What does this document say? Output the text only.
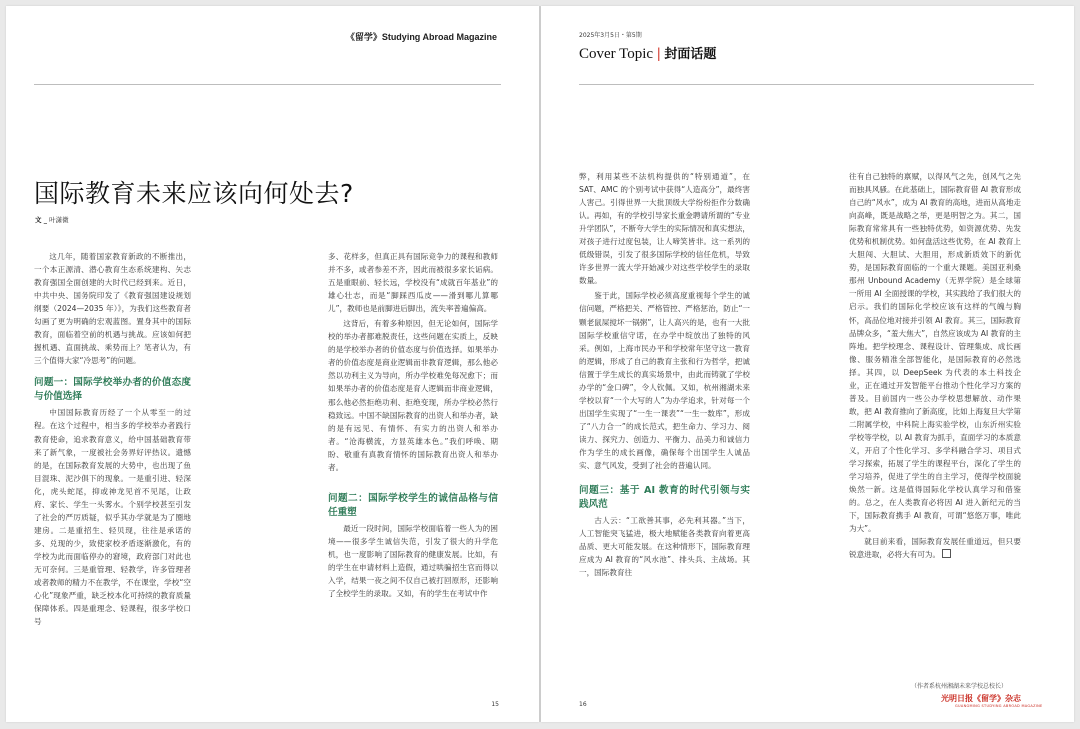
《留学》Studying Abroad Magazine
国际教育未来应该向何处去?
文 _ 叶潇微

这几年，随着国家教育新政的不断推出，一个本正源清、潜心教育生态系统建构、矢志教育强国全面创建的大时代已经到来。近日，中共中央、国务院印发了《教育强国建设规划纲要（2024—2035 年）》，为我们这些教育者勾画了更为明确的宏观蓝图。置身其中的国际教育，面临着空前的机遇与挑战。应该如何把握机遇、直面挑战、乘势而上？笔者认为，有三个值得大家“冷思考”的问题。

问题一：国际学校举办者的价值态度与价值选择

中国国际教育历经了一个从零至一的过程。在这个过程中，相当多的学校举办者践行教育使命，追求教育意义，给中国基础教育带来了新气象，一度被社会务界好评热议。遗憾的是，在国际教育发展的大势中，也出现了鱼目混珠、泥沙俱下的现象。一是重引进、轻深化，虎头蛇尾，抑或神龙见首不见尾，让政府、家长、学生一头雾水。个别学校甚至引发了社会的严厉质疑，似乎其办学就是为了圈地建房。二是重招生、轻贝现，往往是承诺的多、兑现的少，致使家校矛盾逐渐激化，有的学校为此而面临停办的窘境，政府部门对此也无可奈何。三是重管理、轻教学，许多管理者或者教师的精力不在教学，不在课堂，学校“空心化”现象严重，缺乏校本化可持续的教育质量保障体系。四是重理念、轻课程，很多学校口号

多、花样多，但真正具有国际竞争力的课程和教师并不多，或者参差不齐，因此而被很多家长诟病。五是重眼前、轻长远，学校没有“成就百年基业”的雄心壮志，而是“脚踩西瓜皮——滑到哪儿算哪儿”，教师也是前脚进后脚出，流失率普遍偏高。

这背后，有着多种原因，但无论如何，国际学校的举办者都难脱责任，这些问题在实质上，反映的是学校举办者的价值态度与价值选择。如果举办者的价值态度是商业逻辑而非教育逻辑，那么他必然以功利主义为导向，所办学校难免每况愈下；而如果举办者的价值态度是育人逻辑而非商业逻辑，那么他必然拒绝功利、拒绝变现，所办学校必然行稳致远。中国不缺国际教育的出资人和举办者，缺的是有远见、有情怀、有实力的出资人和举办者。“沧海横流，方显英雄本色。”我们呼唤、期盼、敬重有真教育情怀的国际教育出资人和举办者。

问题二：国际学校学生的诚信品格与信任重塑

最近一段时间，国际学校面临着一些人为的困境——很多学生诚信失范，引发了很大的升学危机，也一度影响了国际教育的健康发展。比如，有的学生在申请材料上造假，通过哄骗招生官而得以入学，结果一夜之间不仅自己被打回原形，还影响了全校学生的录取。又如，有的学生在考试中作

15
2025年3月5日・第5期
Cover Topic | 封面话题

弊，利用某些不法机构提供的“特别通道”，在 SAT、AMC 的个别考试中获得“人造高分”，最终害人害己。引得世界一大批顶级大学纷纷拒作分数确认。再如，有的学校引导家长重金聘请所谓的“专业升学团队”，不断夸大学生的实际情况和真实想法，对孩子进行过度包装，让人啼笑皆非。这一系列的低级错误，引发了很多国际学校的信任危机，导致许多世界一流大学开始减少对这些学校学生的录取数量。

鉴于此，国际学校必须高度重视每个学生的诚信问题，严格把关、严格管控、严格惩治，防止“一颗老鼠屎搅坏一锅粥”，让人高兴的是，也有一大批国际学校重信守诺，在办学中绽放出了独特的风采。例如，上海市民办平和学校常年坚守这一教育的逻辑，形成了自己的教育主张和行为哲学，把诚信置于学生成长的真实场景中，由此而铸就了学校办学的“金口碑”，令人钦佩。又如，杭州湘湖未来学校以育“一个大写的人”为办学追求，针对每一个出国学生实现了“一生一课表”“一生一数库”，形成了“八力合一”的成长范式，把生命力、学习力、阅读力、探究力、创造力、平衡力、品美力和诚信力作为学生的成长画像，确保每个出国学生人诚品实、意气风发，受到了社会的普遍认同。

问题三：基于 AI 教育的时代引领与实践风范

古人云：“工欲善其事，必先利其器。”当下，人工智能突飞猛进，极大地赋能各类教育向着更高品质、更大可能发展。在这种情形下，国际教育理应成为 AI 教育的“风水池”、排头兵、主战场。其一，国际教育往

往有自己独特的禀赋，以得风气之先，创风气之先而独具风骚。在此基础上，国际教育借 AI 教育形成自己的“风水”，成为 AI 教育的高地，进而从高地走向高峰，既是战略之举，更是明智之为。其二，国际教育常常具有一些独特优势，如资源优势、先发优势和机制优势。如何盘活这些优势，在 AI 教育上大胆闯、大胆试、大胆用，形成新质效下的新优势，是国际教育面临的一个重大课题。美国亚利桑那州 Unbound Academy（无界学院）是全球第一所用 AI 全面授课的学校，其实践给了我们很大的启示。我们的国际化学校应该有这样的气魄与胸怀，高品位地对接并引领 AI 教育。其三，国际教育品牌众多，“羞大焦大”，自然应该成为 AI 教育的主阵地。把学校理念、课程设计、管理集成、成长画像、服务精准全部智能化，是国际教育的必然选择。其四，以 DeepSeek 为代表的本土科技企业，正在通过开发智能平台推动个性化学习方案的普及。目前国内一些公办学校思想解放、动作果敢，把 AI 教育推向了新高度，比如上海复旦大学第二附属学校，中科院上海实验学校，山东沂州实验学校等学校，以 AI 教育为抓手，直面学习的本质意义，开启了个性化学习、多学科融合学习、项目式学习探索，拓展了学生的课程平台，深化了学生的学习培养，促进了学生的自主学习，使得学校面貌焕然一新。这是值得国际化学校认真学习和借鉴的。总之，在人类教育必将因 AI 进入新纪元的当下，国际教育携手 AI 教育，可谓“悠悠万事，唯此为大”。

就目前来看，国际教育发展任重道远，但只要锐意进取，必将大有可为。

（作者系杭州湘湖未来学校总校长）
光明日报《留学》杂志
GUANGMING STUDYING ABROAD MAGAZINE
16
